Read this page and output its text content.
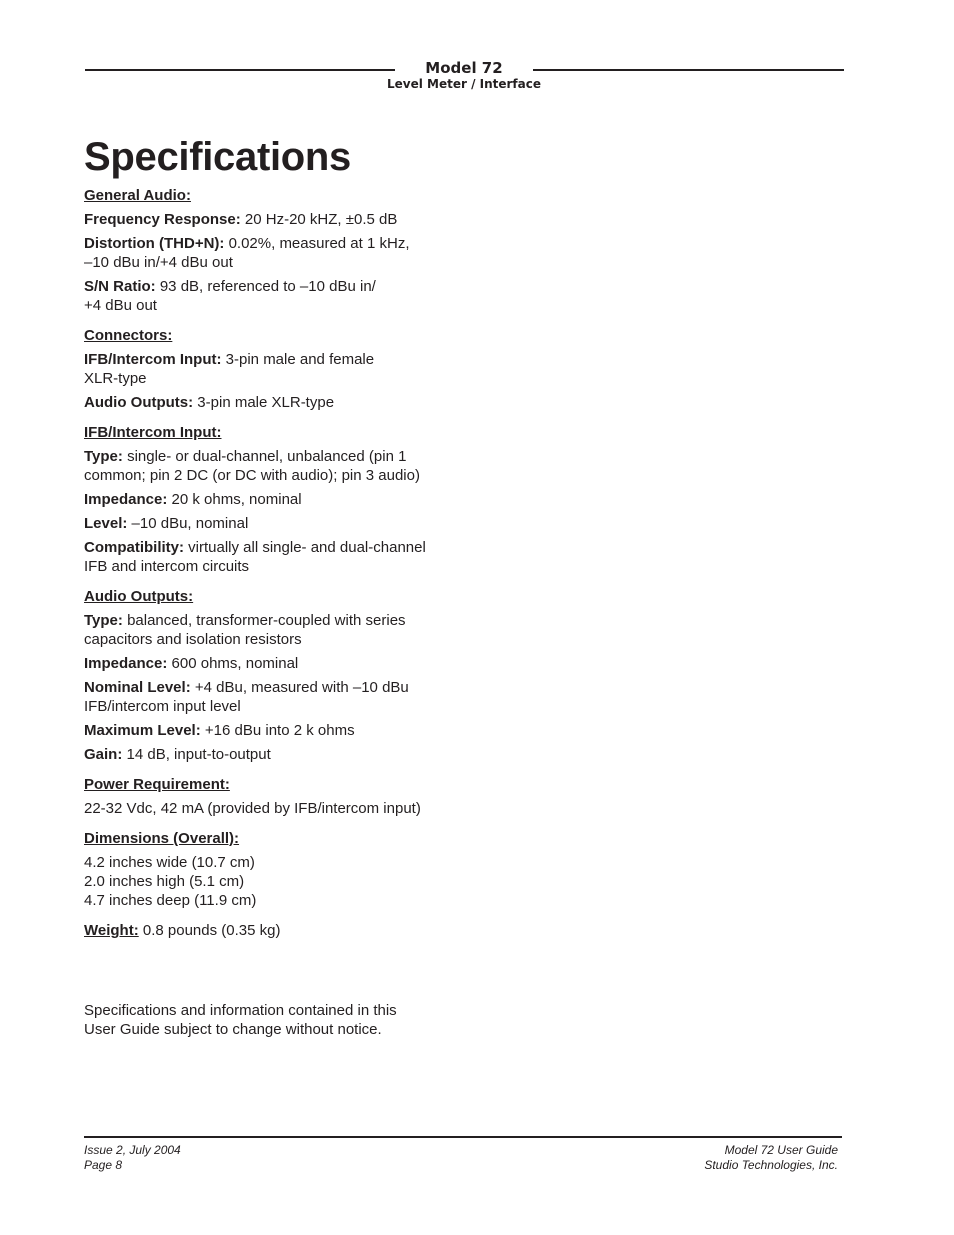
Model 72
Level Meter / Interface
Specifications
General Audio:
Frequency Response: 20 Hz-20 kHZ, ±0.5 dB
Distortion (THD+N): 0.02%, measured at 1 kHz,
–10 dBu in/+4 dBu out
S/N Ratio: 93 dB, referenced to –10 dBu in/
+4 dBu out
Connectors:
IFB/Intercom Input: 3-pin male and female
XLR-type
Audio Outputs: 3-pin male XLR-type
IFB/Intercom Input:
Type: single- or dual-channel, unbalanced (pin 1
common; pin 2 DC (or DC with audio); pin 3 audio)
Impedance: 20 k ohms, nominal
Level: –10 dBu, nominal
Compatibility: virtually all single- and dual-channel
IFB and intercom circuits
Audio Outputs:
Type: balanced, transformer-coupled with series
capacitors and isolation resistors
Impedance: 600 ohms, nominal
Nominal Level: +4 dBu, measured with –10 dBu
IFB/intercom input level
Maximum Level: +16 dBu into 2 k ohms
Gain: 14 dB, input-to-output
Power Requirement:
22-32 Vdc, 42 mA (provided by IFB/intercom input)
Dimensions (Overall):
4.2 inches wide (10.7 cm)
2.0 inches high (5.1 cm)
4.7 inches deep (11.9 cm)
Weight: 0.8 pounds (0.35 kg)
Specifications and information contained in this
User Guide subject to change without notice.
Issue 2, July 2004
Page 8
Model 72 User Guide
Studio Technologies, Inc.
